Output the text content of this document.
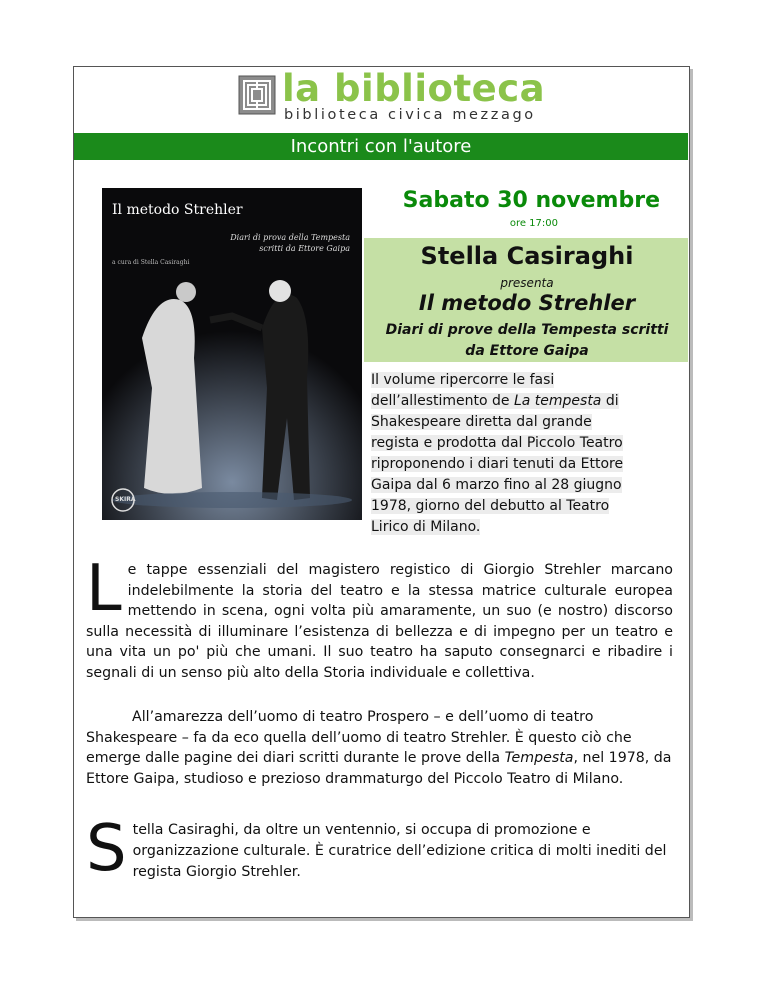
la biblioteca
biblioteca civica mezzago
Incontri con l'autore
Il metodo Strehler
Diari di prova della Tempesta
scritti da Ettore Gaipa
a cura di Stella Casiraghi
SKIRA
Sabato 30 novembre
ore 17:00
Stella Casiraghi
presenta
Il metodo Strehler
Diari di prove della Tempesta scritti
da Ettore Gaipa
Il volume ripercorre le fasi
dell’allestimento de La tempesta di
Shakespeare diretta dal grande
regista e prodotta dal Piccolo Teatro
riproponendo i diari tenuti da Ettore
Gaipa dal 6 marzo fino al 28 giugno
1978, giorno del debutto al Teatro
Lirico di Milano.

Le tappe essenziali del magistero registico di Giorgio Strehler marcano indelebilmente la storia del teatro e la stessa matrice culturale europea mettendo in scena, ogni volta più amaramente, un suo (e nostro) discorso sulla necessità di illuminare l’esistenza di bellezza e di impegno per un teatro e una vita un po' più che umani. Il suo teatro ha saputo consegnarci e ribadire i segnali di un senso più alto della Storia individuale e collettiva.

All’amarezza dell’uomo di teatro Prospero – e dell’uomo di teatro Shakespeare – fa da eco quella dell’uomo di teatro Strehler. È questo ciò che emerge dalle pagine dei diari scritti durante le prove della Tempesta, nel 1978, da Ettore Gaipa, studioso e prezioso drammaturgo del Piccolo Teatro di Milano.

Stella Casiraghi, da oltre un ventennio, si occupa di promozione e organizzazione culturale. È curatrice dell’edizione critica di molti inediti del regista Giorgio Strehler.
